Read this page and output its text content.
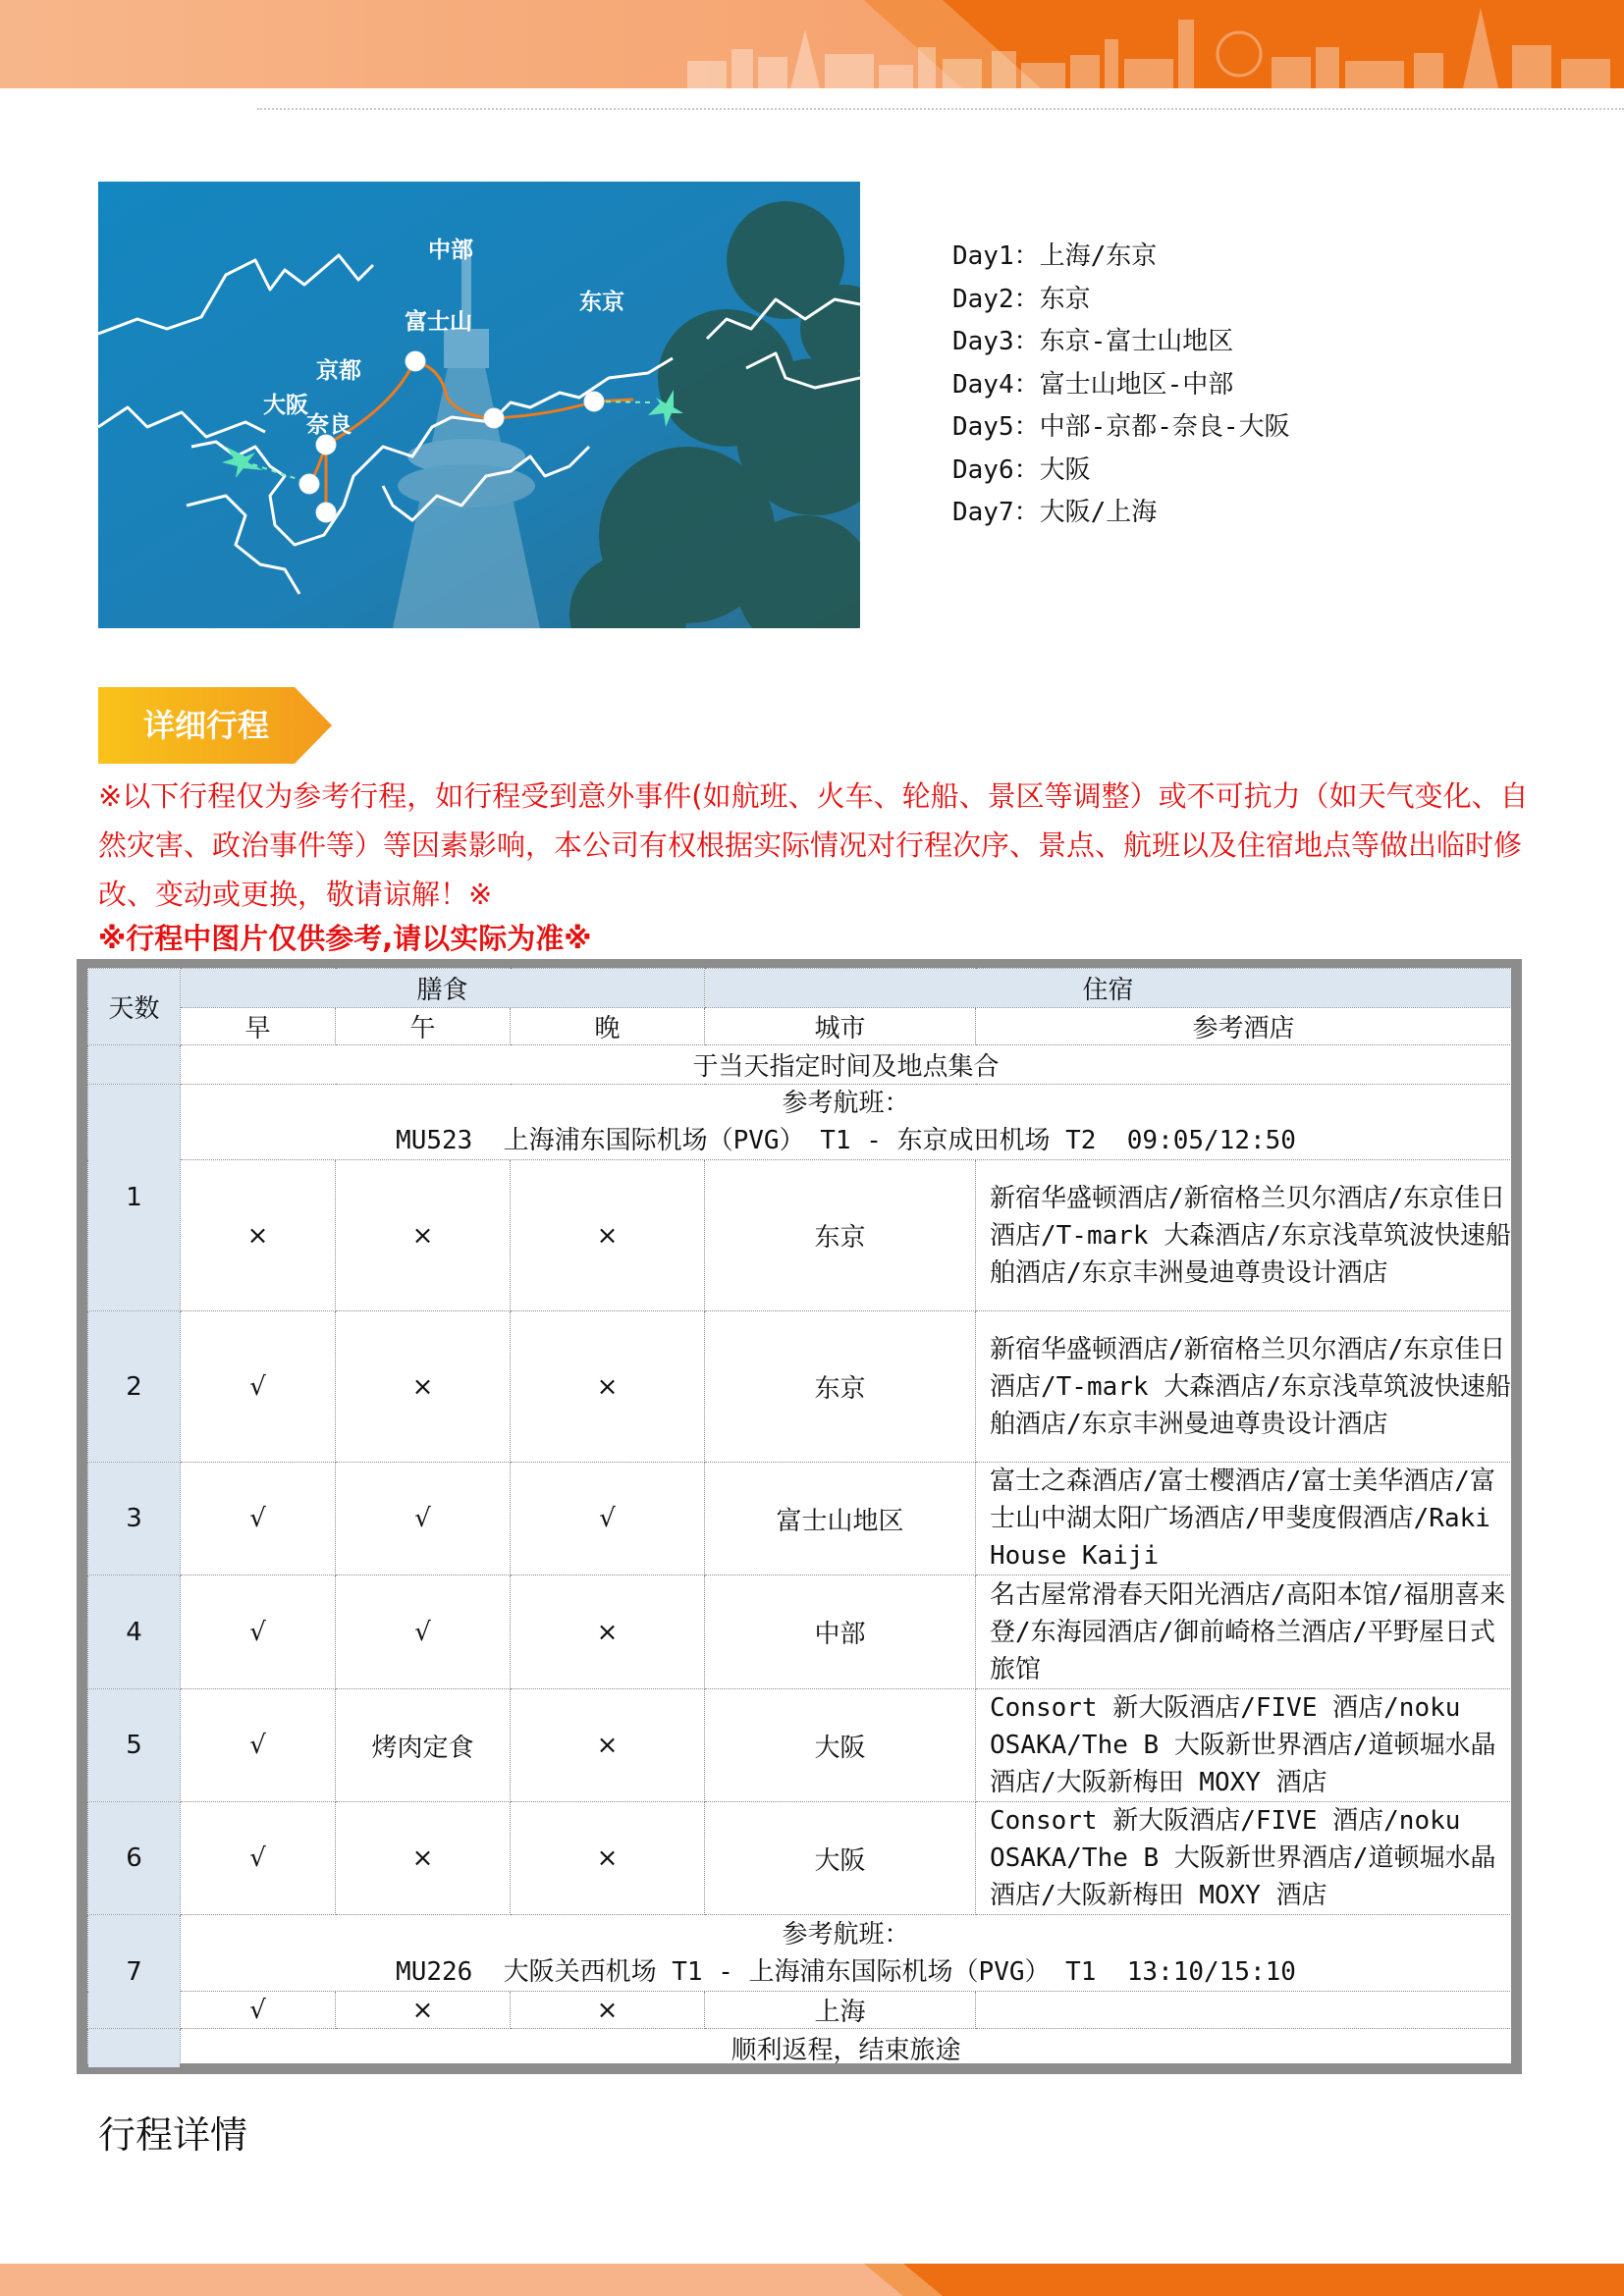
中部
东京
富士山
京都
大阪
奈良
Day1：上海/东京
Day2：东京
Day3：东京-富士山地区
Day4：富士山地区-中部
Day5：中部-京都-奈良-大阪
Day6：大阪
Day7：大阪/上海
详细行程
※以下行程仅为参考行程，如行程受到意外事件(如航班、火车、轮船、景区等调整）或不可抗力（如天气变化、自然灾害、政治事件等）等因素影响，本公司有权根据实际情况对行程次序、景点、航班以及住宿地点等做出临时修改、变动或更换，敬请谅解！※
※行程中图片仅供参考,请以实际为准※
天数	膳食			住宿	
	早	午	晚	城市	参考酒店
	于当天指定时间及地点集合				
1	参考航班：
MU523  上海浦东国际机场（PVG） T1 - 东京成田机场 T2  09:05/12:50				

	×	×	×	东京	新宿华盛顿酒店/新宿格兰贝尔酒店/东京佳日酒店/T-mark 大森酒店/东京浅草筑波快速船舶酒店/东京丰洲曼迪尊贵设计酒店
2	√	×	×	东京	新宿华盛顿酒店/新宿格兰贝尔酒店/东京佳日酒店/T-mark 大森酒店/东京浅草筑波快速船舶酒店/东京丰洲曼迪尊贵设计酒店
3	√	√	√	富士山地区	富士之森酒店/富士樱酒店/富士美华酒店/富士山中湖太阳广场酒店/甲斐度假酒店/Raki House Kaiji
4	√	√	×	中部	名古屋常滑春天阳光酒店/高阳本馆/福朋喜来登/东海园酒店/御前崎格兰酒店/平野屋日式旅馆
5	√	烤肉定食	×	大阪	Consort 新大阪酒店/FIVE 酒店/noku OSAKA/The B 大阪新世界酒店/道顿堀水晶酒店/大阪新梅田 MOXY 酒店
6	√	×	×	大阪	Consort 新大阪酒店/FIVE 酒店/noku OSAKA/The B 大阪新世界酒店/道顿堀水晶酒店/大阪新梅田 MOXY 酒店
7	参考航班：
MU226  大阪关西机场 T1 - 上海浦东国际机场（PVG） T1  13:10/15:10				

	√	×	×	上海	
	顺利返程，结束旅途				
行程详情
